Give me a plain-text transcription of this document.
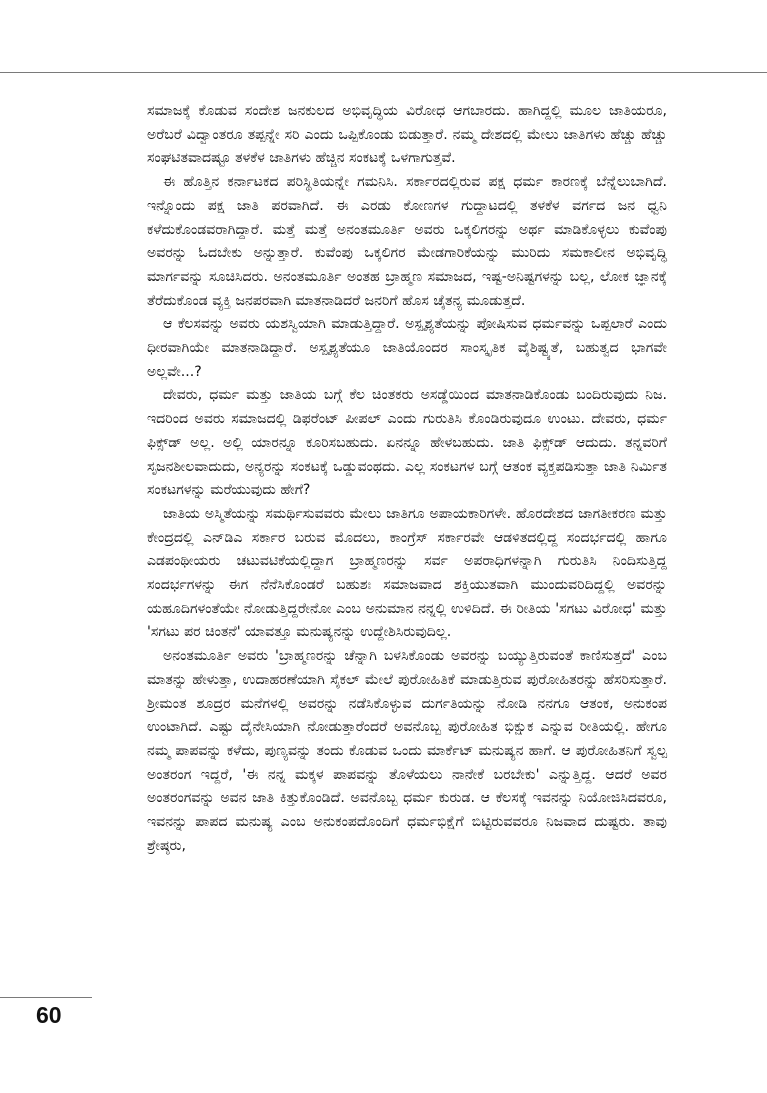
ಸಮಾಜಕ್ಕೆ ಕೊಡುವ ಸಂದೇಶ ಜನಕುಲದ ಅಭಿವೃದ್ಧಿಯ ವಿರೋಧ ಆಗಬಾರದು. ಹಾಗಿದ್ದಲ್ಲಿ ಮೂಲ ಜಾತಿಯರೂ, ಅರೆಬರೆ ವಿದ್ವಾಂತರೂ ತಪ್ಪನ್ನೇ ಸರಿ ಎಂದು ಒಪ್ಪಿಕೊಂಡು ಬಿಡುತ್ತಾರೆ. ನಮ್ಮ ದೇಶದಲ್ಲಿ ಮೇಲು ಜಾತಿಗಳು ಹೆಚ್ಚು ಹೆಚ್ಚು ಸಂಘಟಿತವಾದಷ್ಟೂ ತಳಕೆಳ ಜಾತಿಗಳು ಹೆಚ್ಚಿನ ಸಂಕಟಕ್ಕೆ ಒಳಗಾಗುತ್ತವೆ.

ಈ ಹೊತ್ತಿನ ಕರ್ನಾಟಕದ ಪರಿಸ್ಥಿತಿಯನ್ನೇ ಗಮನಿಸಿ. ಸರ್ಕಾರದಲ್ಲಿರುವ ಪಕ್ಷ ಧರ್ಮ ಕಾರಣಕ್ಕೆ ಬೆನ್ನೆಲುಬಾಗಿದೆ. ಇನ್ನೊಂದು ಪಕ್ಷ ಜಾತಿ ಪರವಾಗಿದೆ. ಈ ಎರಡು ಕೋಣಗಳ ಗುದ್ದಾಟದಲ್ಲಿ ತಳಕೆಳ ವರ್ಗದ ಜನ ಧ್ವನಿ ಕಳೆದುಕೊಂಡವರಾಗಿದ್ದಾರೆ. ಮತ್ತೆ ಮತ್ತೆ ಅನಂತಮೂರ್ತಿ ಅವರು ಒಕ್ಕಲಿಗರನ್ನು ಅರ್ಥ ಮಾಡಿಕೊಳ್ಳಲು ಕುವೆಂಪು ಅವರನ್ನು ಓದಬೇಕು ಅನ್ನುತ್ತಾರೆ. ಕುವೆಂಪು ಒಕ್ಕಲಿಗರ ಮೇಡಗಾರಿಕೆಯನ್ನು ಮುರಿದು ಸಮಕಾಲೀನ ಅಭಿವೃದ್ಧಿ ಮಾರ್ಗವನ್ನು ಸೂಚಿಸಿದರು. ಅನಂತಮೂರ್ತಿ ಅಂತಹ ಬ್ರಾಹ್ಮಣ ಸಮಾಜದ, ಇಷ್ಟ-ಅನಿಷ್ಟಗಳನ್ನು ಬಲ್ಲ, ಲೋಕ ಜ್ಞಾನಕ್ಕೆ ತೆರೆದುಕೊಂಡ ವ್ಯಕ್ತಿ ಜನಪರವಾಗಿ ಮಾತನಾಡಿದರೆ ಜನರಿಗೆ ಹೊಸ ಚೈತನ್ಯ ಮೂಡುತ್ತದೆ.

ಆ ಕೆಲಸವನ್ನು ಅವರು ಯಶಸ್ವಿಯಾಗಿ ಮಾಡುತ್ತಿದ್ದಾರೆ. ಅಸ್ಪೃಶ್ಯತೆಯನ್ನು ಪೋಷಿಸುವ ಧರ್ಮವನ್ನು ಒಪ್ಪಲಾರೆ ಎಂದು ಧೀರವಾಗಿಯೇ ಮಾತನಾಡಿದ್ದಾರೆ. ಅಸ್ಪೃಶ್ಯತೆಯೂ ಜಾತಿಯೊಂದರ ಸಾಂಸ್ಕೃತಿಕ ವೈಶಿಷ್ಟ್ಯತೆ, ಬಹುತ್ವದ ಭಾಗವೇ ಅಲ್ಲವೇ...?

ದೇವರು, ಧರ್ಮ ಮತ್ತು ಜಾತಿಯ ಬಗ್ಗೆ ಕೆಲ ಚಿಂತಕರು ಅಸಡ್ಡೆಯಿಂದ ಮಾತನಾಡಿಕೊಂಡು ಬಂದಿರುವುದು ನಿಜ. ಇದರಿಂದ ಅವರು ಸಮಾಜದಲ್ಲಿ ಡಿಫರೆಂಟ್ ಪೀಪಲ್ ಎಂದು ಗುರುತಿಸಿ ಕೊಂಡಿರುವುದೂ ಉಂಟು. ದೇವರು, ಧರ್ಮ ಫಿಕ್ಸ್‌ಡ್ ಅಲ್ಲ. ಅಲ್ಲಿ ಯಾರನ್ನೂ ಕೂರಿಸಬಹುದು. ಏನನ್ನೂ ಹೇಳಬಹುದು. ಜಾತಿ ಫಿಕ್ಸ್‌ಡ್ ಆದುದು. ತನ್ನವರಿಗೆ ಸೃಜನಶೀಲವಾದುದು, ಅನ್ಯರನ್ನು ಸಂಕಟಕ್ಕೆ ಒಡ್ಡುವಂಥದು. ಎಲ್ಲ ಸಂಕಟಗಳ ಬಗ್ಗೆ ಆತಂಕ ವ್ಯಕ್ತಪಡಿಸುತ್ತಾ ಜಾತಿ ನಿರ್ಮಿತ ಸಂಕಟಗಳನ್ನು ಮರೆಯುವುದು ಹೇಗೆ?

ಜಾತಿಯ ಅಸ್ಮಿತೆಯನ್ನು ಸಮರ್ಥಿಸುವವರು ಮೇಲು ಜಾತಿಗೂ ಅಪಾಯಕಾರಿಗಳೇ. ಹೊರದೇಶದ ಜಾಗತೀಕರಣ ಮತ್ತು ಕೇಂದ್ರದಲ್ಲಿ ಎನ್‌ಡಿಎ ಸರ್ಕಾರ ಬರುವ ಮೊದಲು, ಕಾಂಗ್ರೆಸ್ ಸರ್ಕಾರವೇ ಆಡಳಿತದಲ್ಲಿದ್ದ ಸಂದರ್ಭದಲ್ಲಿ ಹಾಗೂ ಎಡಪಂಥೀಯರು ಚಟುವಟಿಕೆಯಲ್ಲಿದ್ದಾಗ ಬ್ರಾಹ್ಮಣರನ್ನು ಸರ್ವ ಅಪರಾಧಿಗಳನ್ನಾಗಿ ಗುರುತಿಸಿ ನಿಂದಿಸುತ್ತಿದ್ದ ಸಂದರ್ಭಗಳನ್ನು ಈಗ ನೆನೆಸಿಕೊಂಡರೆ ಬಹುಶಃ ಸಮಾಜವಾದ ಶಕ್ತಿಯುತವಾಗಿ ಮುಂದುವರಿದಿದ್ದಲ್ಲಿ ಅವರನ್ನು ಯಹೂದಿಗಳಂತೆಯೇ ನೋಡುತ್ತಿದ್ದರೇನೋ ಎಂಬ ಅನುಮಾನ ನನ್ನಲ್ಲಿ ಉಳಿದಿದೆ. ಈ ರೀತಿಯ 'ಸಗಟು ವಿರೋಧ' ಮತ್ತು 'ಸಗಟು ಪರ ಚಿಂತನೆ' ಯಾವತ್ತೂ ಮನುಷ್ಯನನ್ನು ಉದ್ದೇಶಿಸಿರುವುದಿಲ್ಲ.

ಅನಂತಮೂರ್ತಿ ಅವರು 'ಬ್ರಾಹ್ಮಣರನ್ನು ಚೆನ್ನಾಗಿ ಬಳಸಿಕೊಂಡು ಅವರನ್ನು ಬಯ್ಯುತ್ತಿರುವಂತೆ ಕಾಣಿಸುತ್ತದೆ' ಎಂಬ ಮಾತನ್ನು ಹೇಳುತ್ತಾ, ಉದಾಹರಣೆಯಾಗಿ ಸೈಕಲ್ ಮೇಲೆ ಪುರೋಹಿತಿಕೆ ಮಾಡುತ್ತಿರುವ ಪುರೋಹಿತರನ್ನು ಹೆಸರಿಸುತ್ತಾರೆ. ಶ್ರೀಮಂತ ಶೂದ್ರರ ಮನೆಗಳಲ್ಲಿ ಅವರನ್ನು ನಡೆಸಿಕೊಳ್ಳುವ ದುರ್ಗತಿಯನ್ನು ನೋಡಿ ನನಗೂ ಆತಂಕ, ಅನುಕಂಪ ಉಂಟಾಗಿದೆ. ಎಷ್ಟು ದೈನೇಸಿಯಾಗಿ ನೋಡುತ್ತಾರೆಂದರೆ ಅವನೊಬ್ಬ ಪುರೋಹಿತ ಭಿಕ್ಷುಕ ಎನ್ನುವ ರೀತಿಯಲ್ಲಿ. ಹೇಗೂ ನಮ್ಮ ಪಾಪವನ್ನು ಕಳೆದು, ಪುಣ್ಯವನ್ನು ತಂದು ಕೊಡುವ ಒಂದು ಮಾರ್ಕೆಟ್ ಮನುಷ್ಯನ ಹಾಗೆ. ಆ ಪುರೋಹಿತನಿಗೆ ಸ್ವಲ್ಪ ಅಂತರಂಗ ಇದ್ದರೆ, 'ಈ ನನ್ನ ಮಕ್ಕಳ ಪಾಪವನ್ನು ತೊಳೆಯಲು ನಾನೇಕೆ ಬರಬೇಕು' ಎನ್ನುತ್ತಿದ್ದ. ಆದರೆ ಅವರ ಅಂತರಂಗವನ್ನು ಅವನ ಜಾತಿ ಕಿತ್ತುಕೊಂಡಿದೆ. ಅವನೊಬ್ಬ ಧರ್ಮ ಕುರುಡ. ಆ ಕೆಲಸಕ್ಕೆ ಇವನನ್ನು ನಿಯೋಜಿಸಿದವರೂ, ಇವನನ್ನು ಪಾಪದ ಮನುಷ್ಯ ಎಂಬ ಅನುಕಂಪದೊಂದಿಗೆ ಧರ್ಮಭಿಕ್ಷೆಗೆ ಬಿಟ್ಟಿರುವವರೂ ನಿಜವಾದ ದುಷ್ಟರು. ತಾವು ಶ್ರೇಷ್ಠರು,

60
